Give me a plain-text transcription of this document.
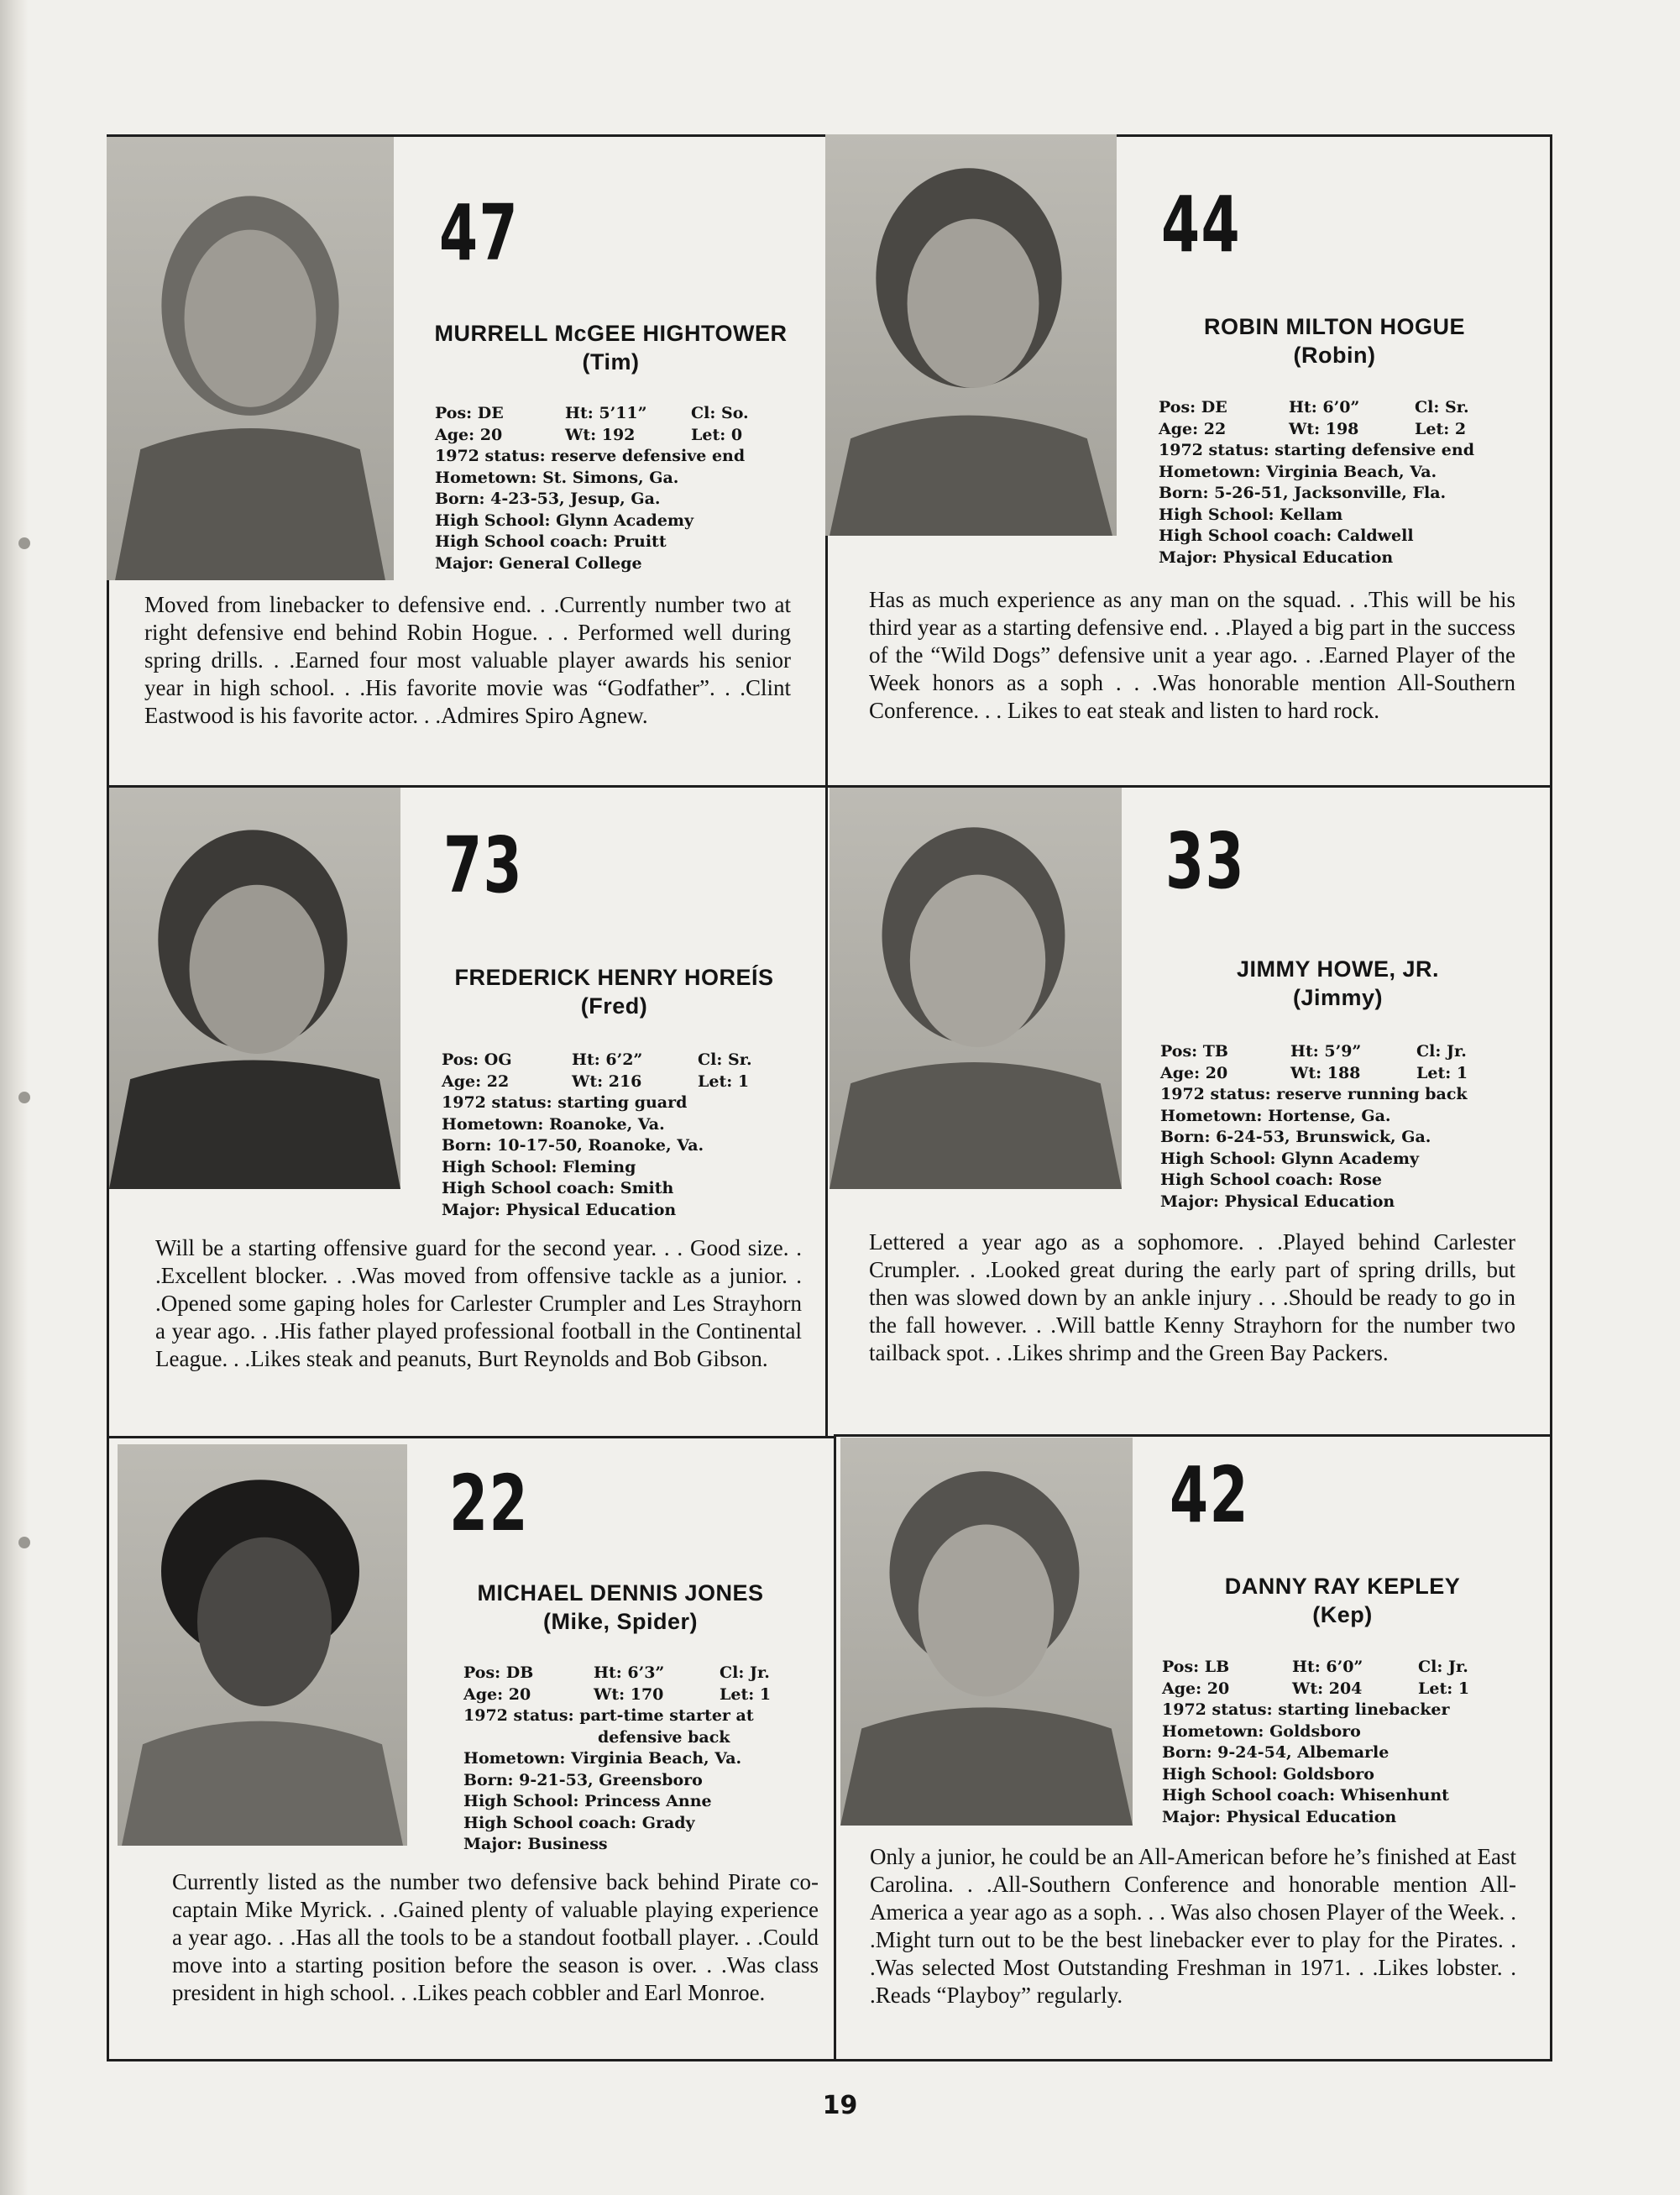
47
MURRELL McGEE HIGHTOWER
(Tim)
Pos: DE	Ht: 5’11”	Cl: So.
Age: 20	Wt: 192	Let: 0
1972 status: reserve defensive end
Hometown: St. Simons, Ga.
Born: 4-23-53, Jesup, Ga.
High School: Glynn Academy
High School coach: Pruitt
Major: General College
Moved from linebacker to defensive end. . .Currently number two at right defensive end behind Robin Hogue. . . Performed well during spring drills. . .Earned four most valuable player awards his senior year in high school. . .His favorite movie was “Godfather”. . .Clint Eastwood is his favorite actor. . .Admires Spiro Agnew.
44
ROBIN MILTON HOGUE
(Robin)
Pos: DE	Ht: 6’0”	Cl: Sr.
Age: 22	Wt: 198	Let: 2
1972 status: starting defensive end
Hometown: Virginia Beach, Va.
Born: 5-26-51, Jacksonville, Fla.
High School: Kellam
High School coach: Caldwell
Major: Physical Education
Has as much experience as any man on the squad. . .This will be his third year as a starting defensive end. . .Played a big part in the success of the “Wild Dogs” defensive unit a year ago. . .Earned Player of the Week honors as a soph . . .Was honorable mention All-Southern Conference. . . Likes to eat steak and listen to hard rock.
73
FREDERICK HENRY HOREÍS
(Fred)
Pos: OG	Ht: 6’2”	Cl: Sr.
Age: 22	Wt: 216	Let: 1
1972 status: starting guard
Hometown: Roanoke, Va.
Born: 10-17-50, Roanoke, Va.
High School: Fleming
High School coach: Smith
Major: Physical Education
Will be a starting offensive guard for the second year. . . Good size. . .Excellent blocker. . .Was moved from offensive tackle as a junior. . .Opened some gaping holes for Carlester Crumpler and Les Strayhorn a year ago. . .His father played professional football in the Continental League. . .Likes steak and peanuts, Burt Reynolds and Bob Gibson.
33
JIMMY HOWE, JR.
(Jimmy)
Pos: TB	Ht: 5’9”	Cl: Jr.
Age: 20	Wt: 188	Let: 1
1972 status: reserve running back
Hometown: Hortense, Ga.
Born: 6-24-53, Brunswick, Ga.
High School: Glynn Academy
High School coach: Rose
Major: Physical Education
Lettered a year ago as a sophomore. . .Played behind Carlester Crumpler. . .Looked great during the early part of spring drills, but then was slowed down by an ankle injury . . .Should be ready to go in the fall however. . .Will battle Kenny Strayhorn for the number two tailback spot. . .Likes shrimp and the Green Bay Packers.
22
MICHAEL DENNIS JONES
(Mike, Spider)
Pos: DB	Ht: 6’3”	Cl: Jr.
Age: 20	Wt: 170	Let: 1
1972 status: part-time starter at
defensive back
Hometown: Virginia Beach, Va.
Born: 9-21-53, Greensboro
High School: Princess Anne
High School coach: Grady
Major: Business
Currently listed as the number two defensive back behind Pirate co-captain Mike Myrick. . .Gained plenty of valuable playing experience a year ago. . .Has all the tools to be a standout football player. . .Could move into a starting position before the season is over. . .Was class president in high school. . .Likes peach cobbler and Earl Monroe.
42
DANNY RAY KEPLEY
(Kep)
Pos: LB	Ht: 6’0”	Cl: Jr.
Age: 20	Wt: 204	Let: 1
1972 status: starting linebacker
Hometown: Goldsboro
Born: 9-24-54, Albemarle
High School: Goldsboro
High School coach: Whisenhunt
Major: Physical Education
Only a junior, he could be an All-American before he’s finished at East Carolina. . .All-Southern Conference and honorable mention All-America a year ago as a soph. . . Was also chosen Player of the Week. . .Might turn out to be the best linebacker ever to play for the Pirates. . .Was selected Most Outstanding Freshman in 1971. . .Likes lobster. . .Reads “Playboy” regularly.
19
